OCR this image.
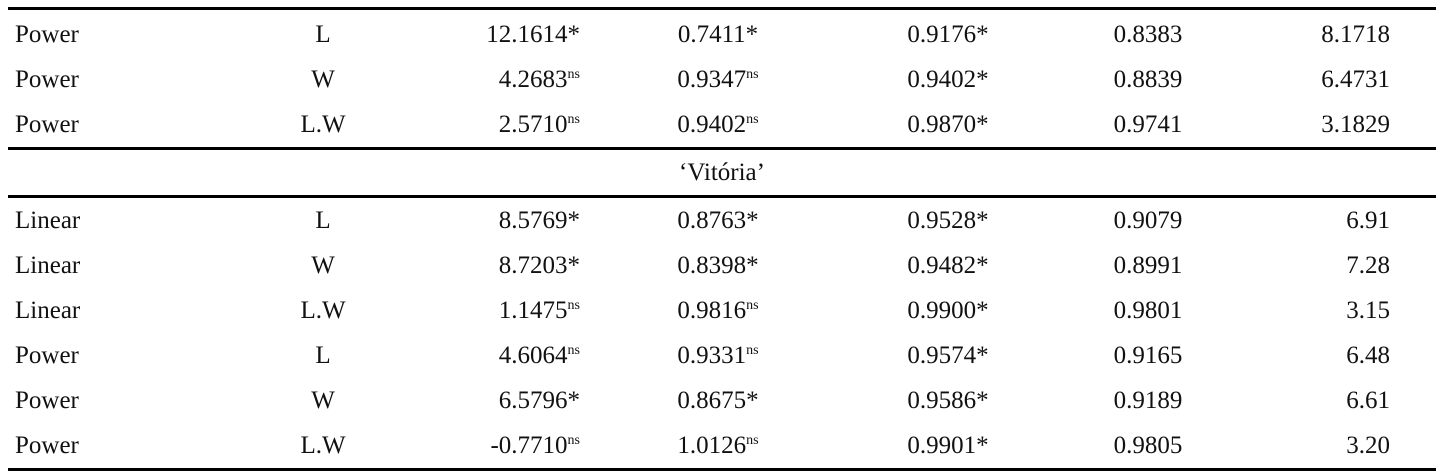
Power	L	12.1614*	0.7411*	0.9176*	0.8383	8.1718
Power	W	$4.2683^{ns}$	$0.9347^{ns}$	0.9402*	0.8839	6.4731
Power	L.W	$2.5710^{ns}$	$0.9402^{ns}$	0.9870*	0.9741	3.1829
‘Vitória’
Linear	L	8.5769*	0.8763*	0.9528*	0.9079	6.91
Linear	W	8.7203*	0.8398*	0.9482*	0.8991	7.28
Linear	L.W	$1.1475^{ns}$	$0.9816^{ns}$	0.9900*	0.9801	3.15
Power	L	$4.6064^{ns}$	$0.9331^{ns}$	0.9574*	0.9165	6.48
Power	W	6.5796*	0.8675*	0.9586*	0.9189	6.61
Power	L.W	$-0.7710^{ns}$	$1.0126^{ns}$	0.9901*	0.9805	3.20
